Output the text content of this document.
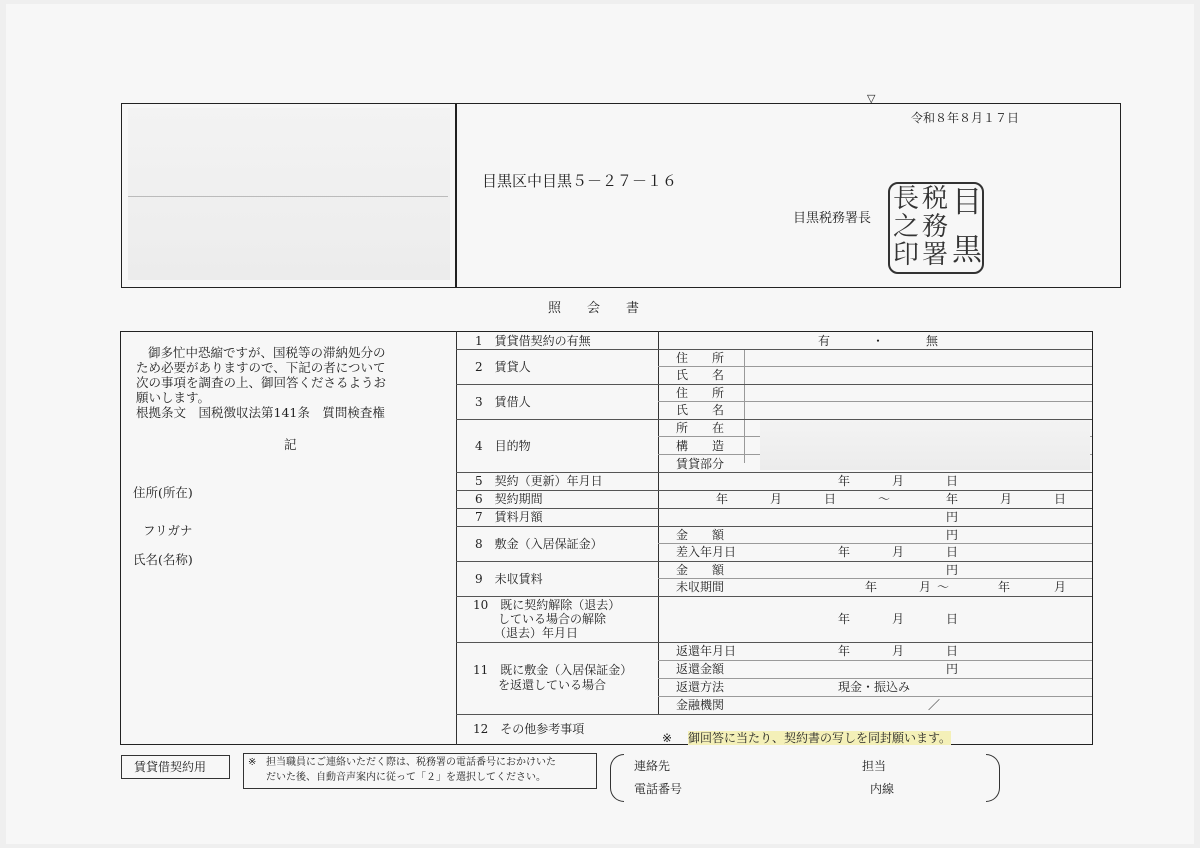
▽
令和８年８月１７日
目黒区中目黒５－２７－１６
目黒税務署長	目
黒
税
務
署
長
之
印
照　　会　　書
御多忙中恐縮ですが、国税等の滞納処分の
ため必要がありますので、下記の者について
次の事項を調査の上、御回答くださるようお
願いします。
根拠条文　国税徴収法第141条　質問検査権
記
住所(所在)
フリガナ
氏名(名称)
1　賃貸借契約の有無	有	・	無
2　賃貸人
住　　所
氏　　名
3　賃借人
住　　所
氏　　名
4　目的物
所　　在
構　　造
賃貸部分
5　契約（更新）年月日	年	月	日
6　契約期間	年	月	日	～	年	月	日
7　賃料月額	円
8　敷金（入居保証金）
金　　額	円
差入年月日	年	月	日
9　未収賃料
金　　額	円
未収期間	年	月 ～	年	月
10　既に契約解除（退去）
している場合の解除
（退去）年月日
年	月	日
11　既に敷金（入居保証金）
を返還している場合
返還年月日	年	月	日
返還金額	円
返還方法	現金・振込み
金融機関	／
12　その他参考事項
※ 御回答に当たり、契約書の写しを同封願います。
賃貸借契約用	※ 担当職員にご連絡いただく際は、税務署の電話番号におかけいた
だいた後、自動音声案内に従って「２」を選択してください。
連絡先
電話番号
担当
内線
